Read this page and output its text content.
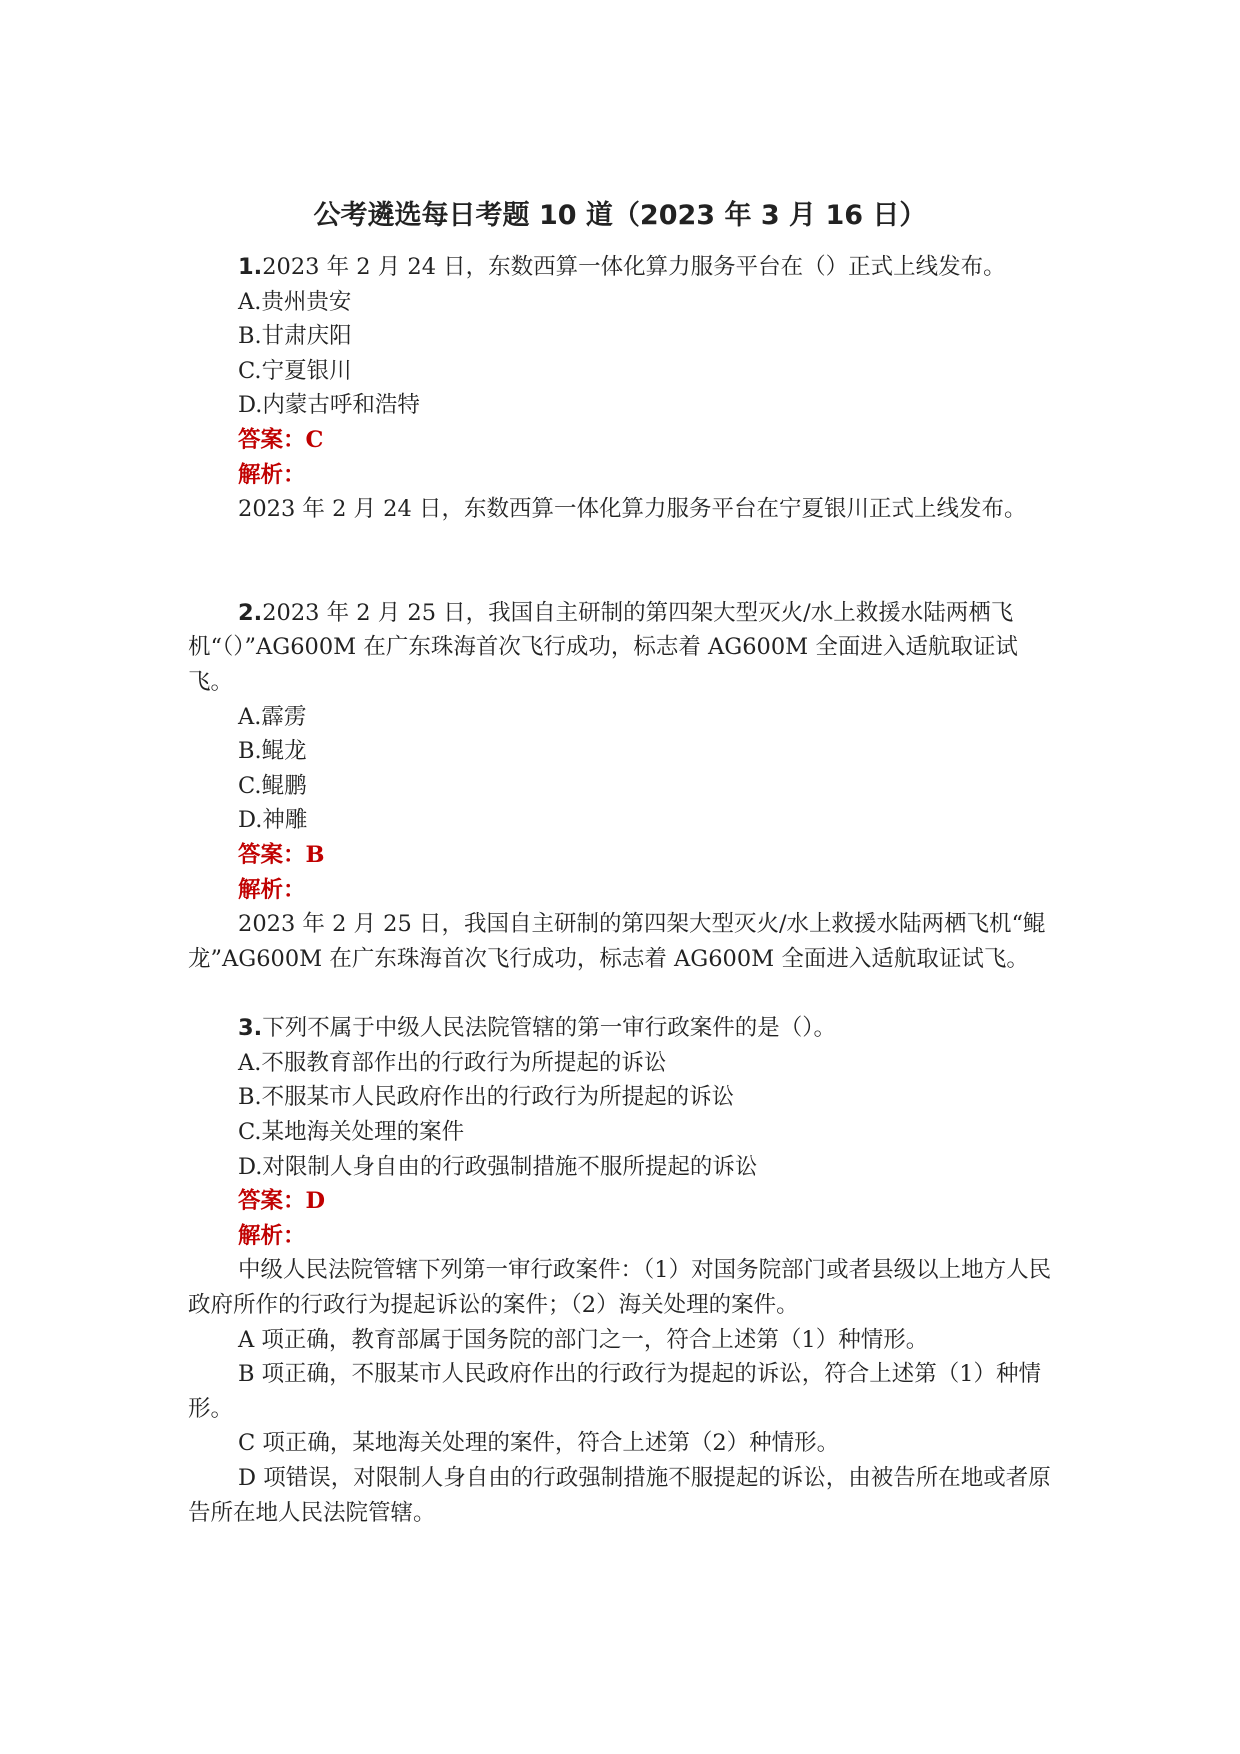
公考遴选每日考题 10 道（2023 年 3 月 16 日）

1.2023 年 2 月 24 日，东数西算一体化算力服务平台在（）正式上线发布。

A.贵州贵安

B.甘肃庆阳

C.宁夏银川

D.内蒙古呼和浩特

答案：C

解析：

2023 年 2 月 24 日，东数西算一体化算力服务平台在宁夏银川正式上线发布。

2.2023 年 2 月 25 日，我国自主研制的第四架大型灭火/水上救援水陆两栖飞机“（）”AG600M 在广东珠海首次飞行成功，标志着 AG600M 全面进入适航取证试飞。

A.霹雳

B.鲲龙

C.鲲鹏

D.神雕

答案：B

解析：

2023 年 2 月 25 日，我国自主研制的第四架大型灭火/水上救援水陆两栖飞机“鲲龙”AG600M 在广东珠海首次飞行成功，标志着 AG600M 全面进入适航取证试飞。

3.下列不属于中级人民法院管辖的第一审行政案件的是（）。

A.不服教育部作出的行政行为所提起的诉讼

B.不服某市人民政府作出的行政行为所提起的诉讼

C.某地海关处理的案件

D.对限制人身自由的行政强制措施不服所提起的诉讼

答案：D

解析：

中级人民法院管辖下列第一审行政案件：（1）对国务院部门或者县级以上地方人民政府所作的行政行为提起诉讼的案件；（2）海关处理的案件。

A 项正确，教育部属于国务院的部门之一，符合上述第（1）种情形。

B 项正确，不服某市人民政府作出的行政行为提起的诉讼，符合上述第（1）种情形。

C 项正确，某地海关处理的案件，符合上述第（2）种情形。

D 项错误，对限制人身自由的行政强制措施不服提起的诉讼，由被告所在地或者原告所在地人民法院管辖。
